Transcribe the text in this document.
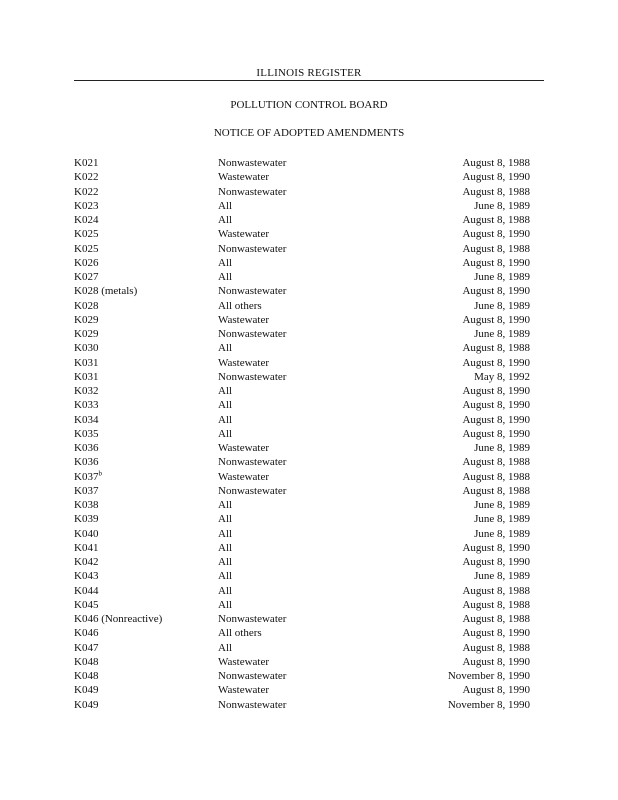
ILLINOIS REGISTER
POLLUTION CONTROL BOARD
NOTICE OF ADOPTED AMENDMENTS
K021	Nonwastewater	August 8, 1988
K022	Wastewater	August 8, 1990
K022	Nonwastewater	August 8, 1988
K023	All	June 8, 1989
K024	All	August 8, 1988
K025	Wastewater	August 8, 1990
K025	Nonwastewater	August 8, 1988
K026	All	August 8, 1990
K027	All	June 8, 1989
K028 (metals)	Nonwastewater	August 8, 1990
K028	All others	June 8, 1989
K029	Wastewater	August 8, 1990
K029	Nonwastewater	June 8, 1989
K030	All	August 8, 1988
K031	Wastewater	August 8, 1990
K031	Nonwastewater	May 8, 1992
K032	All	August 8, 1990
K033	All	August 8, 1990
K034	All	August 8, 1990
K035	All	August 8, 1990
K036	Wastewater	June 8, 1989
K036	Nonwastewater	August 8, 1988
K037$^b$	Wastewater	August 8, 1988
K037	Nonwastewater	August 8, 1988
K038	All	June 8, 1989
K039	All	June 8, 1989
K040	All	June 8, 1989
K041	All	August 8, 1990
K042	All	August 8, 1990
K043	All	June 8, 1989
K044	All	August 8, 1988
K045	All	August 8, 1988
K046 (Nonreactive)	Nonwastewater	August 8, 1988
K046	All others	August 8, 1990
K047	All	August 8, 1988
K048	Wastewater	August 8, 1990
K048	Nonwastewater	November 8, 1990
K049	Wastewater	August 8, 1990
K049	Nonwastewater	November 8, 1990
